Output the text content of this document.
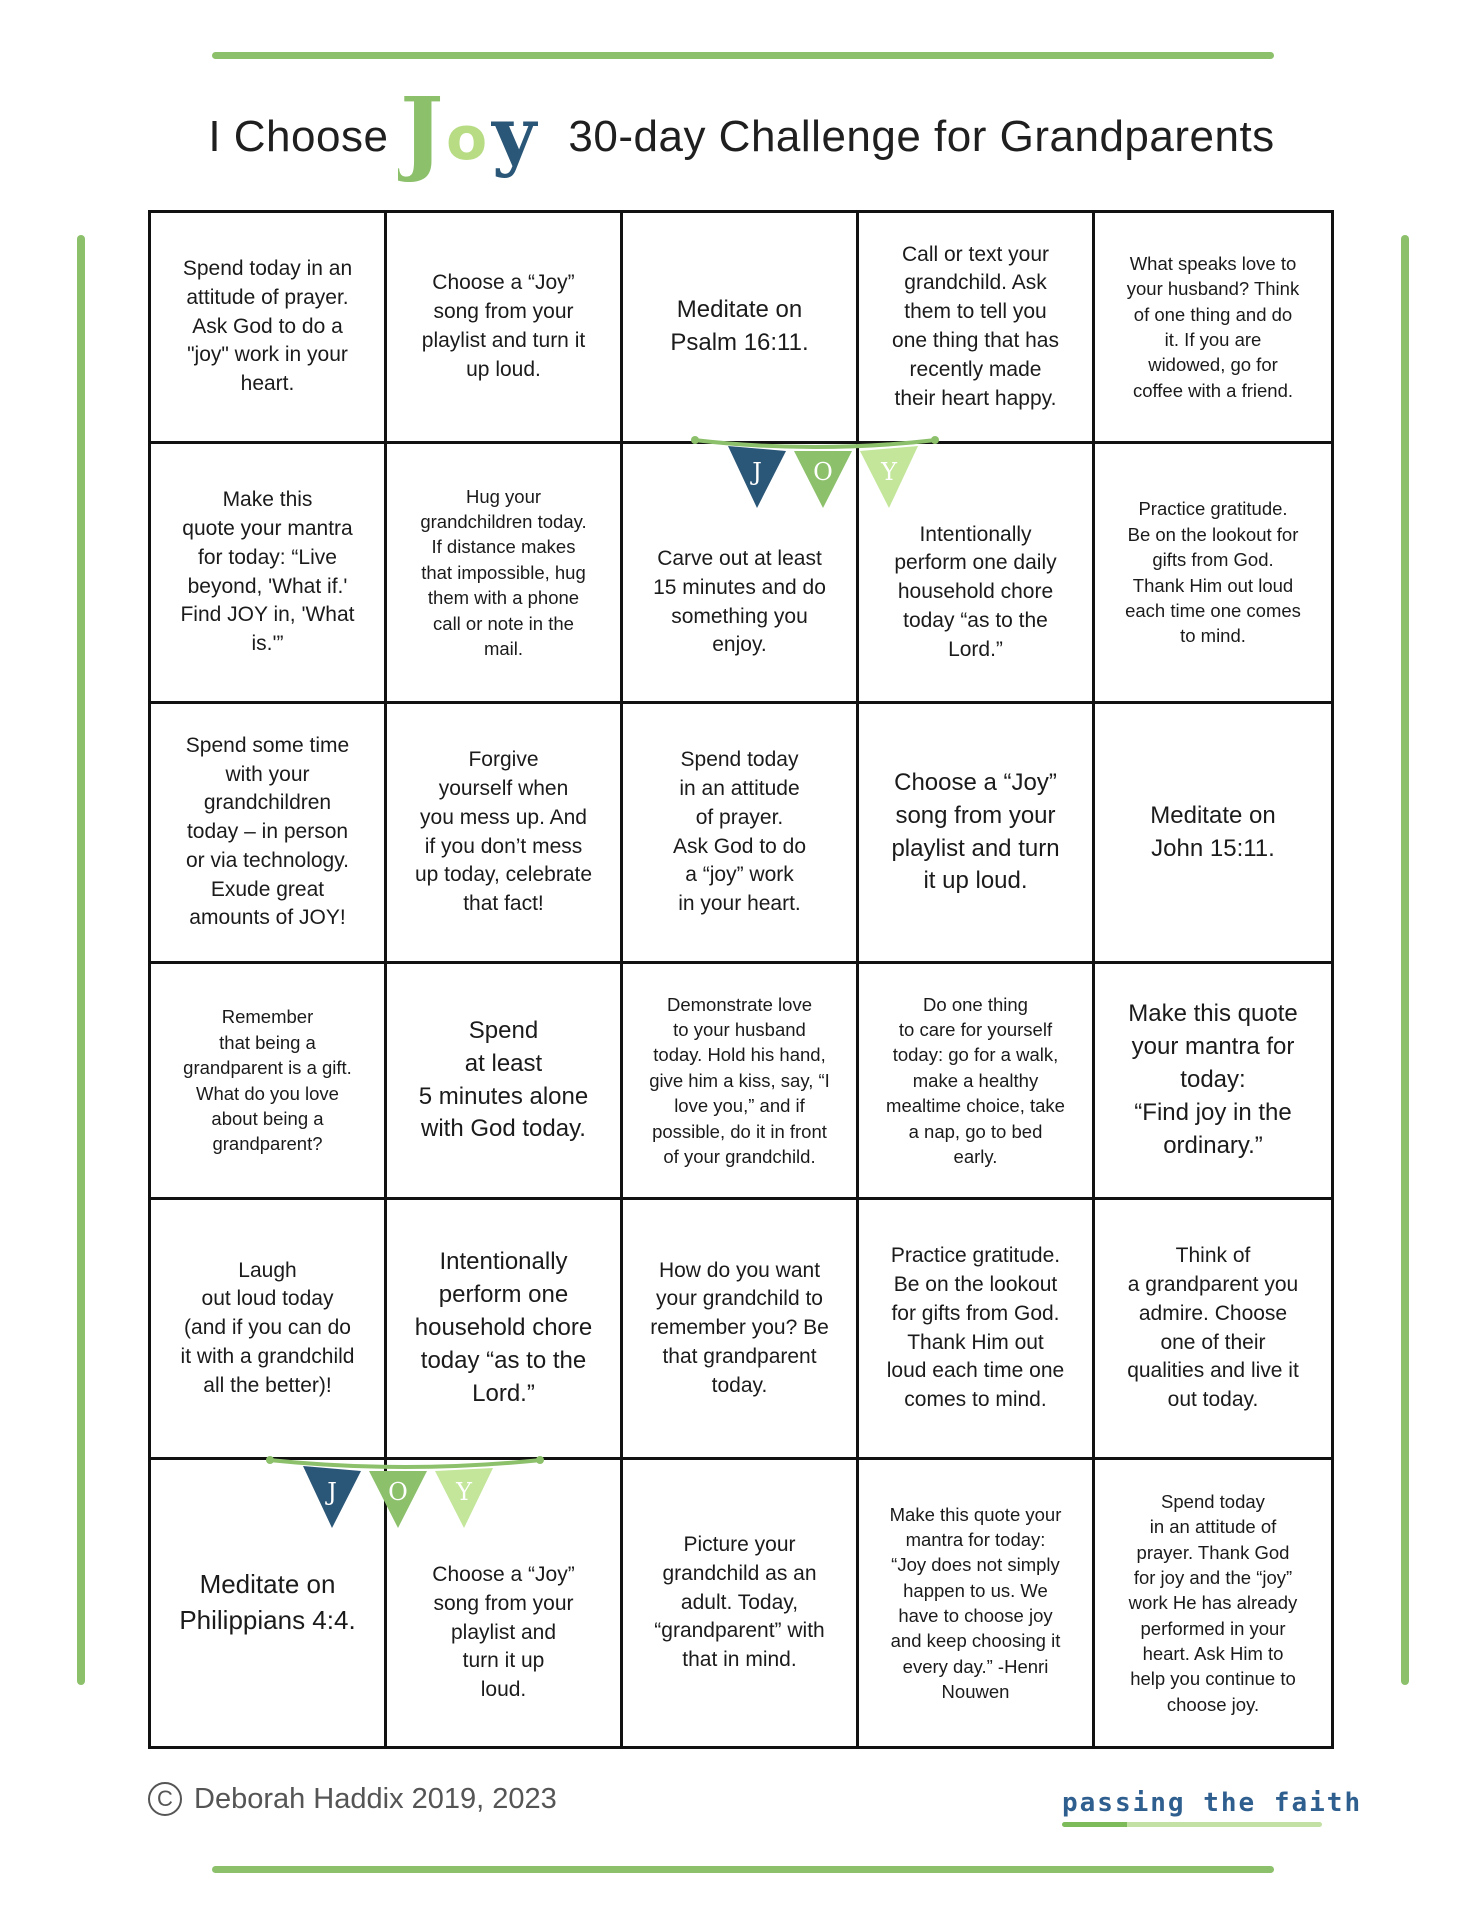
I Choose J o y 30-day Challenge for Grandparents
Spend today in an
attitude of prayer.
Ask God to do a
"joy" work in your
heart.
Choose a “Joy”
song from your
playlist and turn it
up loud.
Meditate on
Psalm 16:11.
Call or text your
grandchild. Ask
them to tell you
one thing that has
recently made
their heart happy.
What speaks love to
your husband? Think
of one thing and do
it. If you are
widowed, go for
coffee with a friend.
Make this
quote your mantra
for today: “Live
beyond, 'What if.'
Find JOY in, 'What
is.'”
Hug your
grandchildren today.
If distance makes
that impossible, hug
them with a phone
call or note in the
mail.
Carve out at least
15 minutes and do
something you
enjoy.
Intentionally
perform one daily
household chore
today “as to the
Lord.”
Practice gratitude.
Be on the lookout for
gifts from God.
Thank Him out loud
each time one comes
to mind.
Spend some time
with your
grandchildren
today – in person
or via technology.
Exude great
amounts of JOY!
Forgive
yourself when
you mess up. And
if you don’t mess
up today, celebrate
that fact!
Spend today
in an attitude
of prayer.
Ask God to do
a “joy” work
in your heart.
Choose a “Joy”
song from your
playlist and turn
it up loud.
Meditate on
John 15:11.
Remember
that being a
grandparent is a gift.
What do you love
about being a
grandparent?
Spend
at least
5 minutes alone
with God today.
Demonstrate love
to your husband
today. Hold his hand,
give him a kiss, say, “I
love you,” and if
possible, do it in front
of your grandchild.
Do one thing
to care for yourself
today: go for a walk,
make a healthy
mealtime choice, take
a nap, go to bed
early.
Make this quote
your mantra for
today:
“Find joy in the
ordinary.”
Laugh
out loud today
(and if you can do
it with a grandchild
all the better)!
Intentionally
perform one
household chore
today “as to the
Lord.”
How do you want
your grandchild to
remember you? Be
that grandparent
today.
Practice gratitude.
Be on the lookout
for gifts from God.
Thank Him out
loud each time one
comes to mind.
Think of
a grandparent you
admire. Choose
one of their
qualities and live it
out today.
Meditate on
Philippians 4:4.
Choose a “Joy”
song from your
playlist and
turn it up
loud.
Picture your
grandchild as an
adult. Today,
“grandparent” with
that in mind.
Make this quote your
mantra for today:
“Joy does not simply
happen to us. We
have to choose joy
and keep choosing it
every day.” -Henri
Nouwen
Spend today
in an attitude of
prayer. Thank God
for joy and the “joy”
work He has already
performed in your
heart. Ask Him to
help you continue to
choose joy.
J O Y
J O Y
C Deborah Haddix 2019, 2023	passing the faith
